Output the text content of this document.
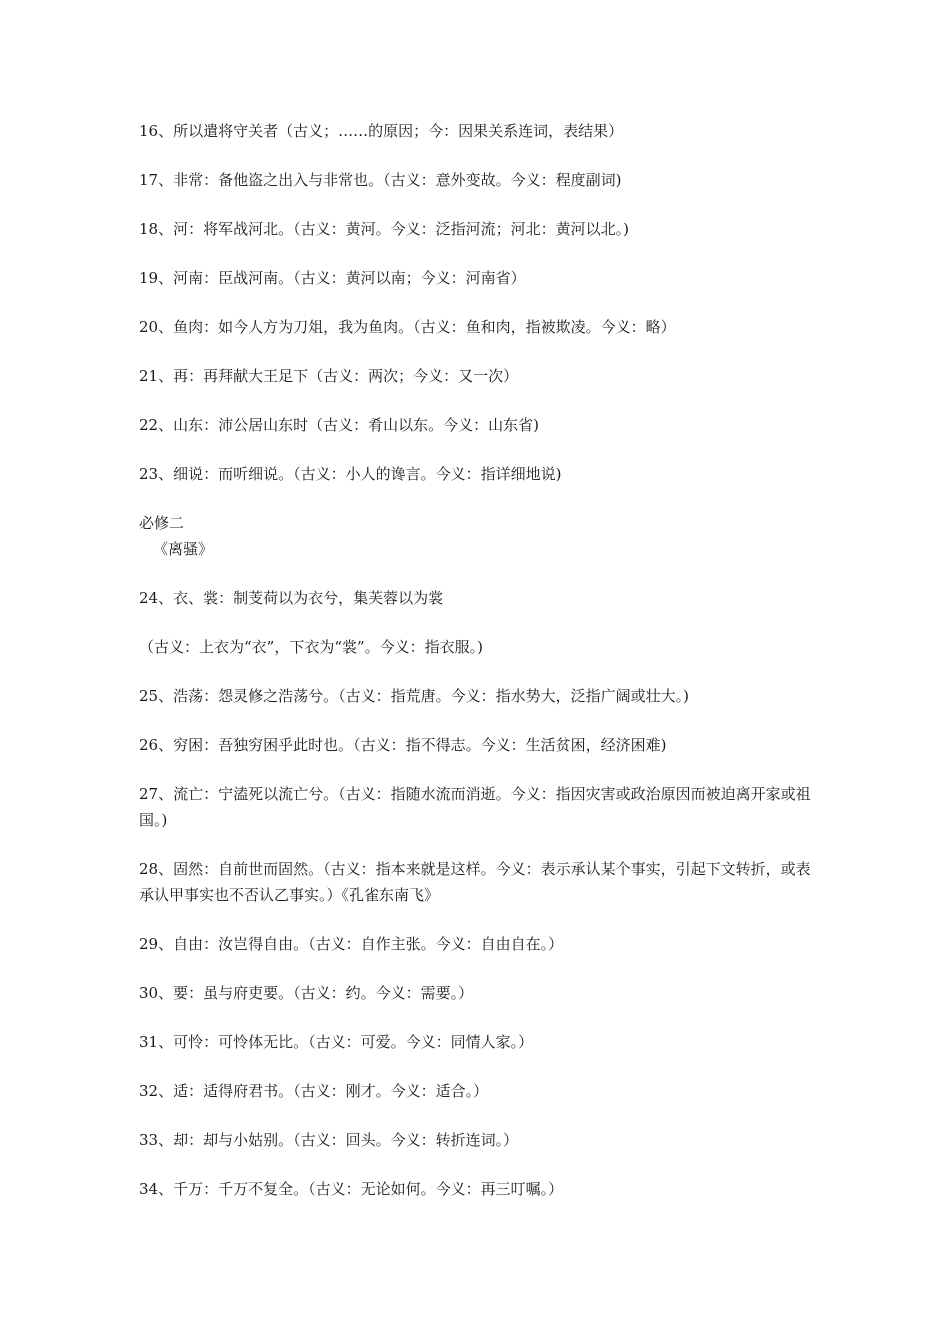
16、所以遣将守关者（古义；……的原因；今：因果关系连词，表结果）

17、非常：备他盗之出入与非常也。（古义：意外变故。今义：程度副词)

18、河：将军战河北。（古义：黄河。今义：泛指河流；河北：黄河以北。)

19、河南：臣战河南。（古义：黄河以南；今义：河南省）

20、鱼肉：如今人方为刀俎，我为鱼肉。（古义：鱼和肉，指被欺凌。今义：略）

21、再：再拜献大王足下（古义：两次；今义：又一次）

22、山东：沛公居山东时（古义：肴山以东。今义：山东省)

23、细说：而听细说。（古义：小人的谗言。今义：指详细地说)

必修二

《离骚》

24、衣、裳：制芰荷以为衣兮，集芙蓉以为裳

（古义：上衣为“衣”，下衣为“裳”。今义：指衣服。)

25、浩荡：怨灵修之浩荡兮。（古义：指荒唐。今义：指水势大，泛指广阔或壮大。)

26、穷困：吾独穷困乎此时也。（古义：指不得志。今义：生活贫困，经济困难)

27、流亡：宁溘死以流亡兮。（古义：指随水流而消逝。今义：指因灾害或政治原因而被迫离开家或祖国。)

28、固然：自前世而固然。（古义：指本来就是这样。今义：表示承认某个事实，引起下文转折，或表承认甲事实也不否认乙事实。）《孔雀东南飞》

29、自由：汝岂得自由。（古义：自作主张。今义：自由自在。）

30、要：虽与府吏要。（古义：约。今义：需要。）

31、可怜：可怜体无比。（古义：可爱。今义：同情人家。）

32、适：适得府君书。（古义：刚才。今义：适合。）

33、却：却与小姑别。（古义：回头。今义：转折连词。）

34、千万：千万不复全。（古义：无论如何。今义：再三叮嘱。）
